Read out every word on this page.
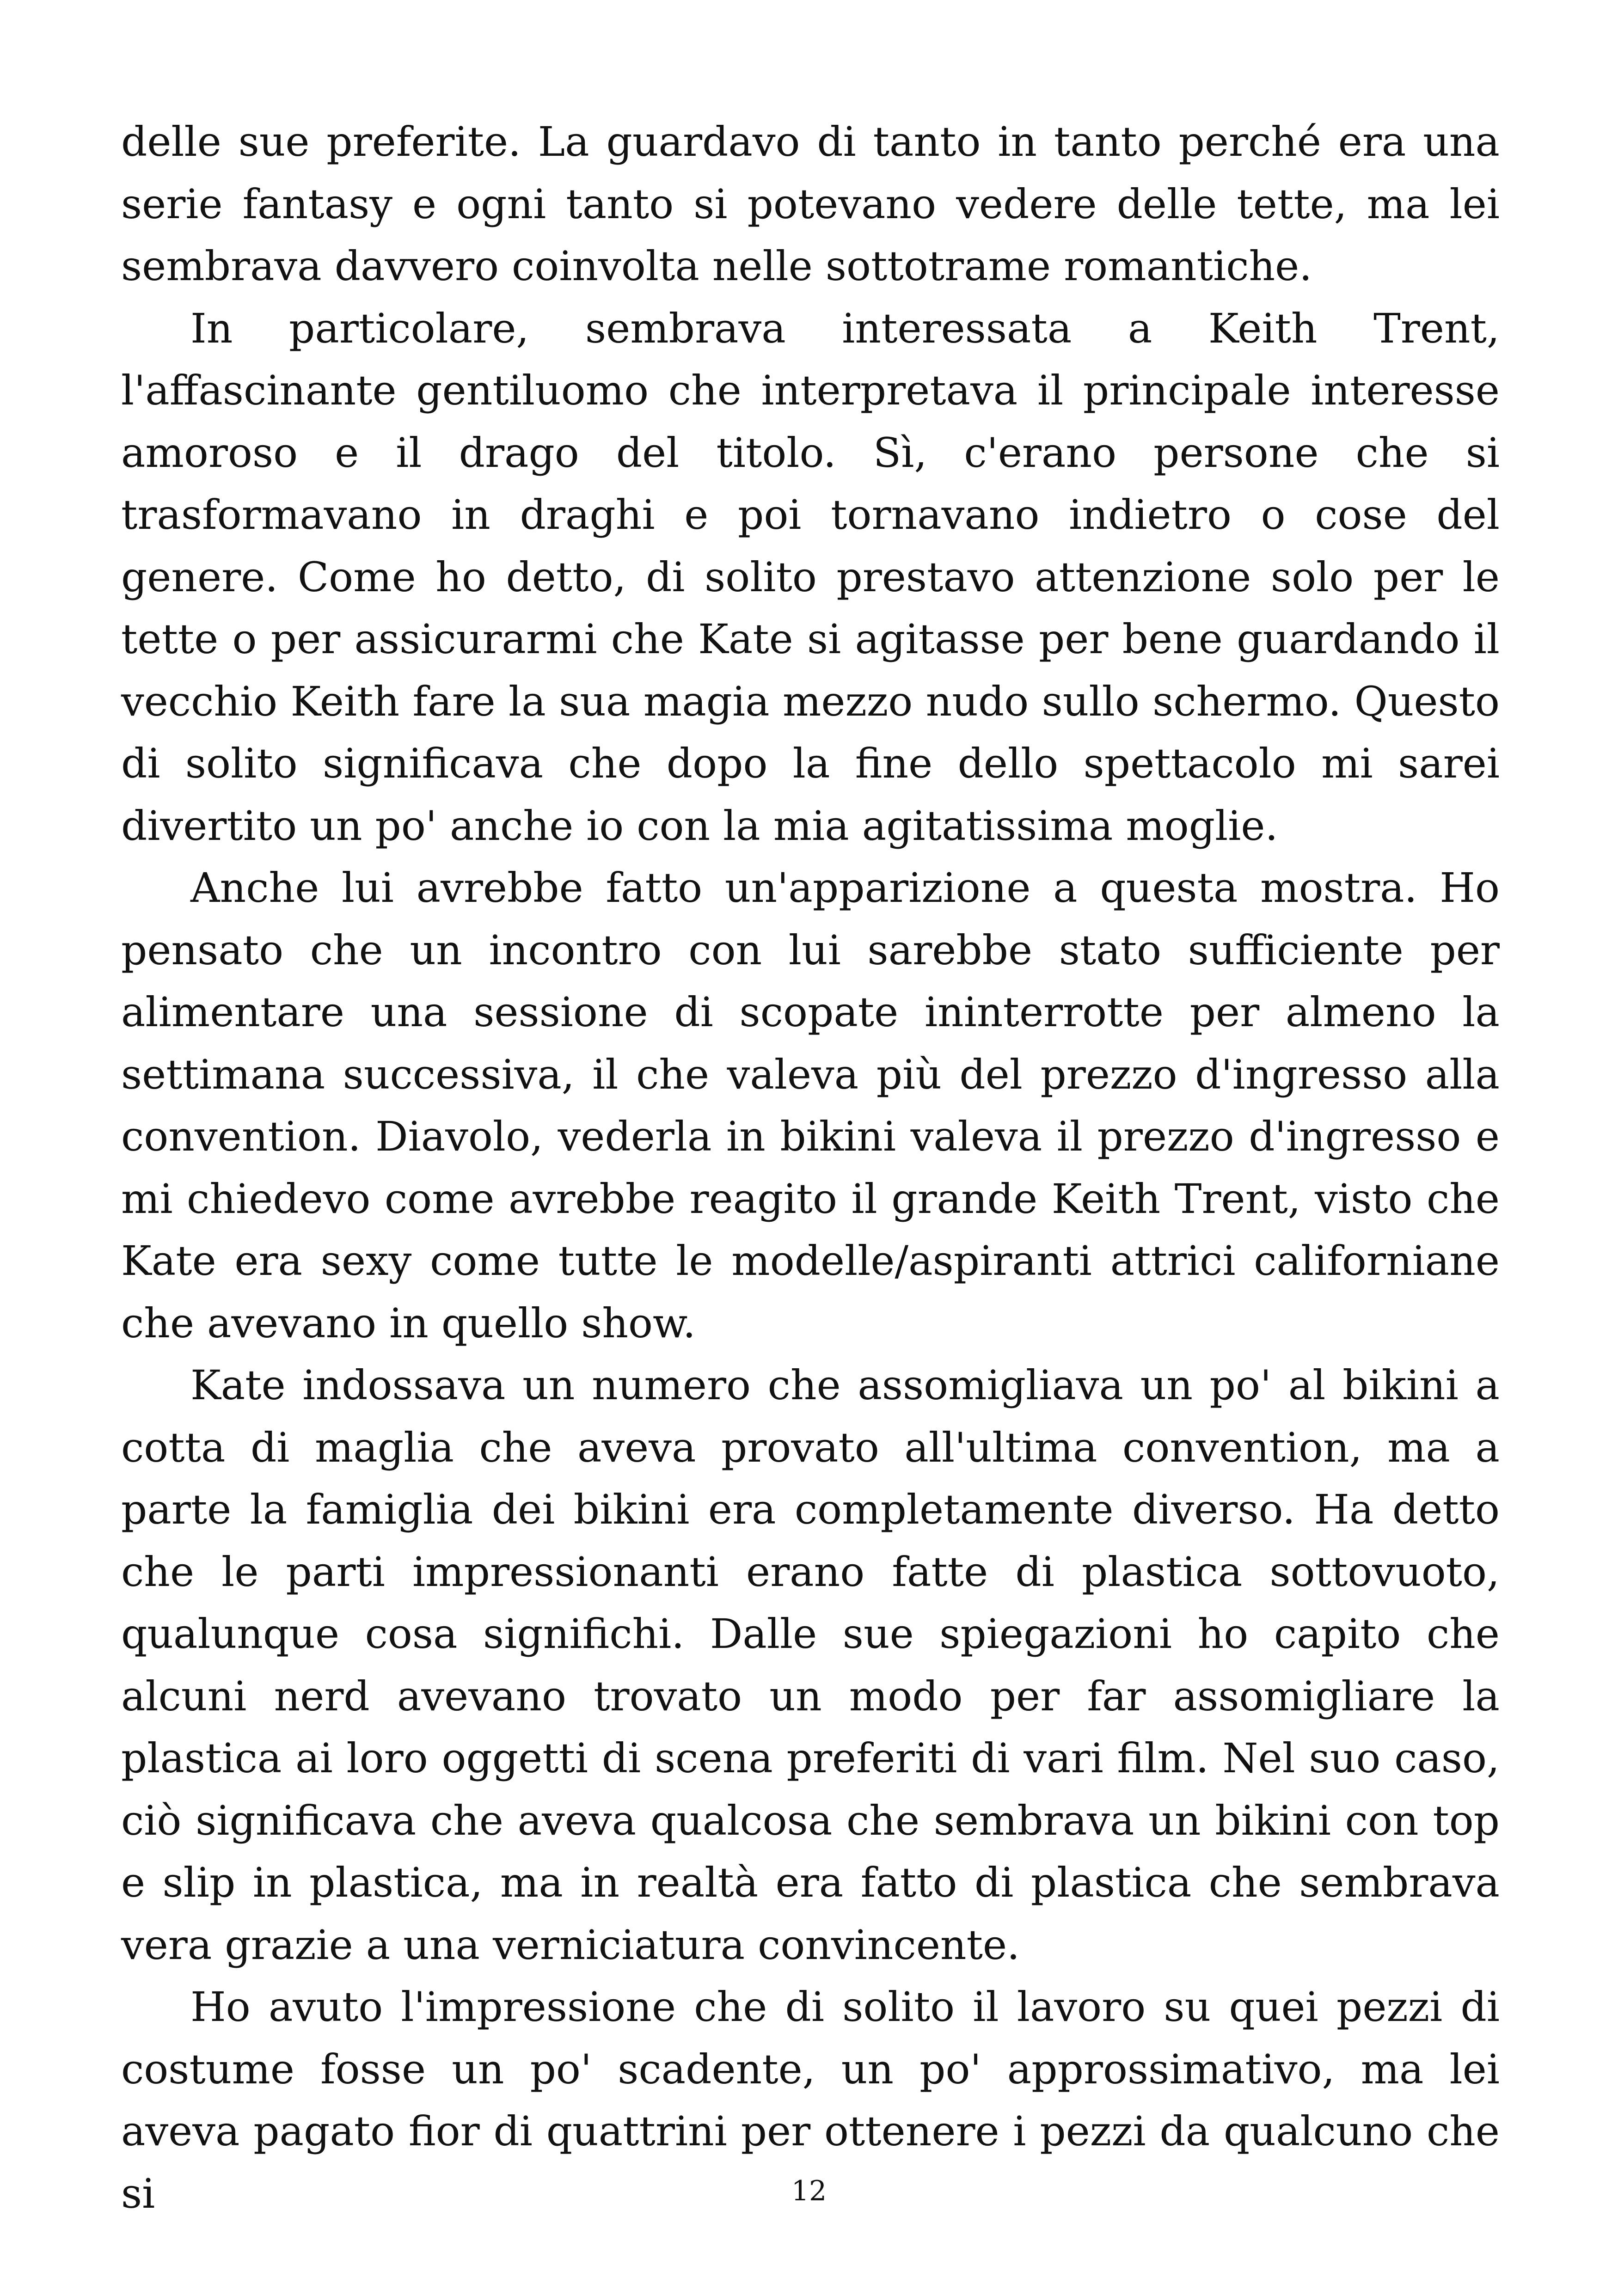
delle sue preferite. La guardavo di tanto in tanto perché era una serie fantasy e ogni tanto si potevano vedere delle tette, ma lei sembrava davvero coinvolta nelle sottotrame romantiche.

In particolare, sembrava interessata a Keith Trent, l'affascinante gentiluomo che interpretava il principale interesse amoroso e il drago del titolo. Sì, c'erano persone che si trasformavano in draghi e poi tornavano indietro o cose del genere. Come ho detto, di solito prestavo attenzione solo per le tette o per assicurarmi che Kate si agitasse per bene guardando il vecchio Keith fare la sua magia mezzo nudo sullo schermo. Questo di solito significava che dopo la fine dello spettacolo mi sarei divertito un po' anche io con la mia agitatissima moglie.

Anche lui avrebbe fatto un'apparizione a questa mostra. Ho pensato che un incontro con lui sarebbe stato sufficiente per alimentare una sessione di scopate ininterrotte per almeno la settimana successiva, il che valeva più del prezzo d'ingresso alla convention. Diavolo, vederla in bikini valeva il prezzo d'ingresso e mi chiedevo come avrebbe reagito il grande Keith Trent, visto che Kate era sexy come tutte le modelle/aspiranti attrici californiane che avevano in quello show.

Kate indossava un numero che assomigliava un po' al bikini a cotta di maglia che aveva provato all'ultima convention, ma a parte la famiglia dei bikini era completamente diverso. Ha detto che le parti impressionanti erano fatte di plastica sottovuoto, qualunque cosa significhi. Dalle sue spiegazioni ho capito che alcuni nerd avevano trovato un modo per far assomigliare la plastica ai loro oggetti di scena preferiti di vari film. Nel suo caso, ciò significava che aveva qualcosa che sembrava un bikini con top e slip in plastica, ma in realtà era fatto di plastica che sembrava vera grazie a una verniciatura convincente.

Ho avuto l'impressione che di solito il lavoro su quei pezzi di costume fosse un po' scadente, un po' approssimativo, ma lei aveva pagato fior di quattrini per ottenere i pezzi da qualcuno che si	12
